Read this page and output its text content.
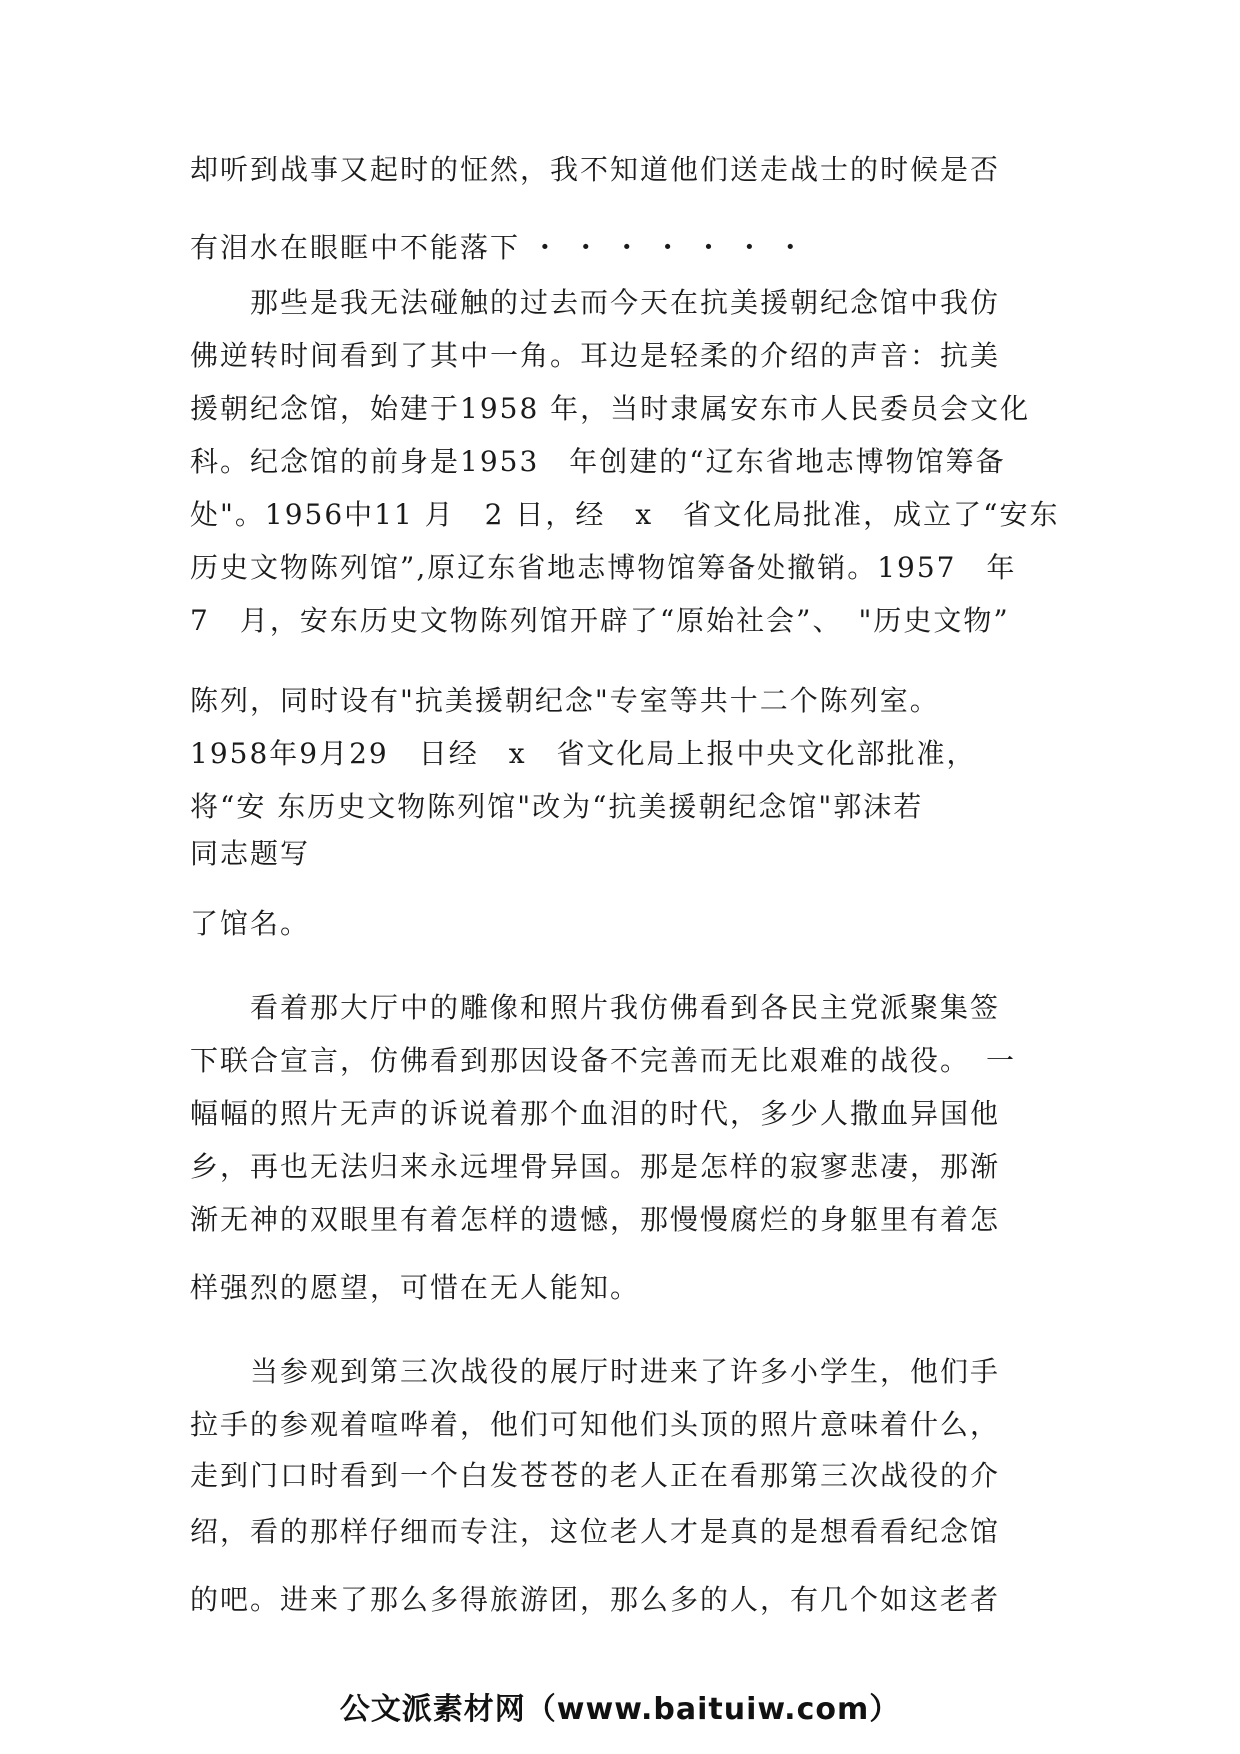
却听到战事又起时的怔然，我不知道他们送走战士的时候是否
有泪水在眼眶中不能落下 ・ ・ ・ ・ ・ ・ ・
　　那些是我无法碰触的过去而今天在抗美援朝纪念馆中我仿
佛逆转时间看到了其中一角。耳边是轻柔的介绍的声音：抗美
援朝纪念馆，始建于1958 年，当时隶属安东市人民委员会文化
科。纪念馆的前身是1953　年创建的“辽东省地志博物馆筹备
处"。1956中11 月　2 日，经　x　省文化局批准，成立了“安东
历史文物陈列馆”,原辽东省地志博物馆筹备处撤销。1957　年
7　月，安东历史文物陈列馆开辟了“原始社会”、　"历史文物”
陈列，同时设有"抗美援朝纪念"专室等共十二个陈列室。
1958年9月29　日经　x　省文化局上报中央文化部批准，
将“安 东历史文物陈列馆"改为“抗美援朝纪念馆"郭沫若
同志题写
了馆名。
　　看着那大厅中的雕像和照片我仿佛看到各民主党派聚集签
下联合宣言，仿佛看到那因设备不完善而无比艰难的战役。　一
幅幅的照片无声的诉说着那个血泪的时代，多少人撒血异国他
乡，再也无法归来永远埋骨异国。那是怎样的寂寥悲凄，那渐
渐无神的双眼里有着怎样的遗憾，那慢慢腐烂的身躯里有着怎
样强烈的愿望，可惜在无人能知。
　　当参观到第三次战役的展厅时进来了许多小学生，他们手
拉手的参观着喧哗着，他们可知他们头顶的照片意味着什么，
走到门口时看到一个白发苍苍的老人正在看那第三次战役的介
绍，看的那样仔细而专注，这位老人才是真的是想看看纪念馆
的吧。进来了那么多得旅游团，那么多的人，有几个如这老者
公文派素材网（www.baituiw.com）
